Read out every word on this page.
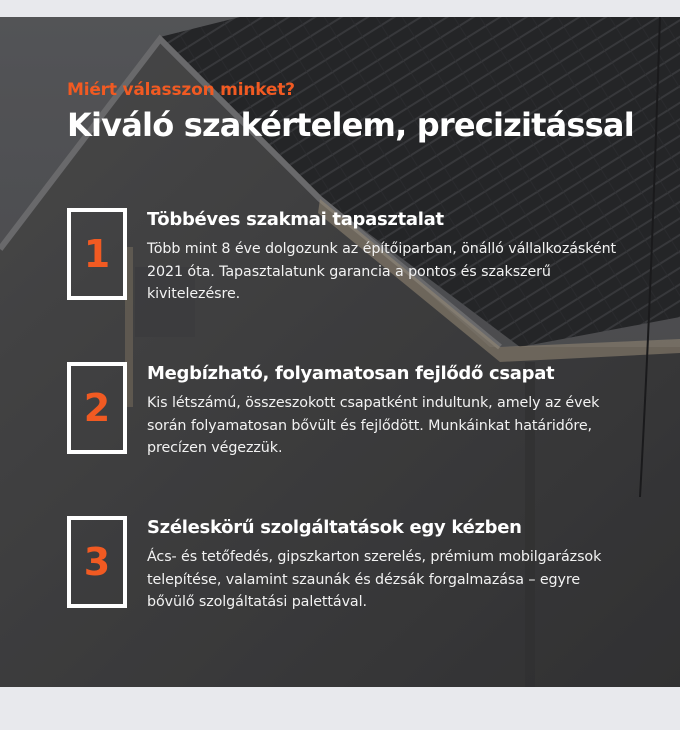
Miért válasszon minket?

Kiváló szakértelem, precizitással
1
Többéves szakmai tapasztalat

Több mint 8 éve dolgozunk az építőiparban, önálló vállalkozásként 2021 óta. Tapasztalatunk garancia a pontos és szakszerű kivitelezésre.

2
Megbízható, folyamatosan fejlődő csapat

Kis létszámú, összeszokott csapatként indultunk, amely az évek során folyamatosan bővült és fejlődött. Munkáinkat határidőre, precízen végezzük.

3
Széleskörű szolgáltatások egy kézben

Ács- és tetőfedés, gipszkarton szerelés, prémium mobilgarázsok telepítése, valamint szaunák és dézsák forgalmazása – egyre bővülő szolgáltatási palettával.
